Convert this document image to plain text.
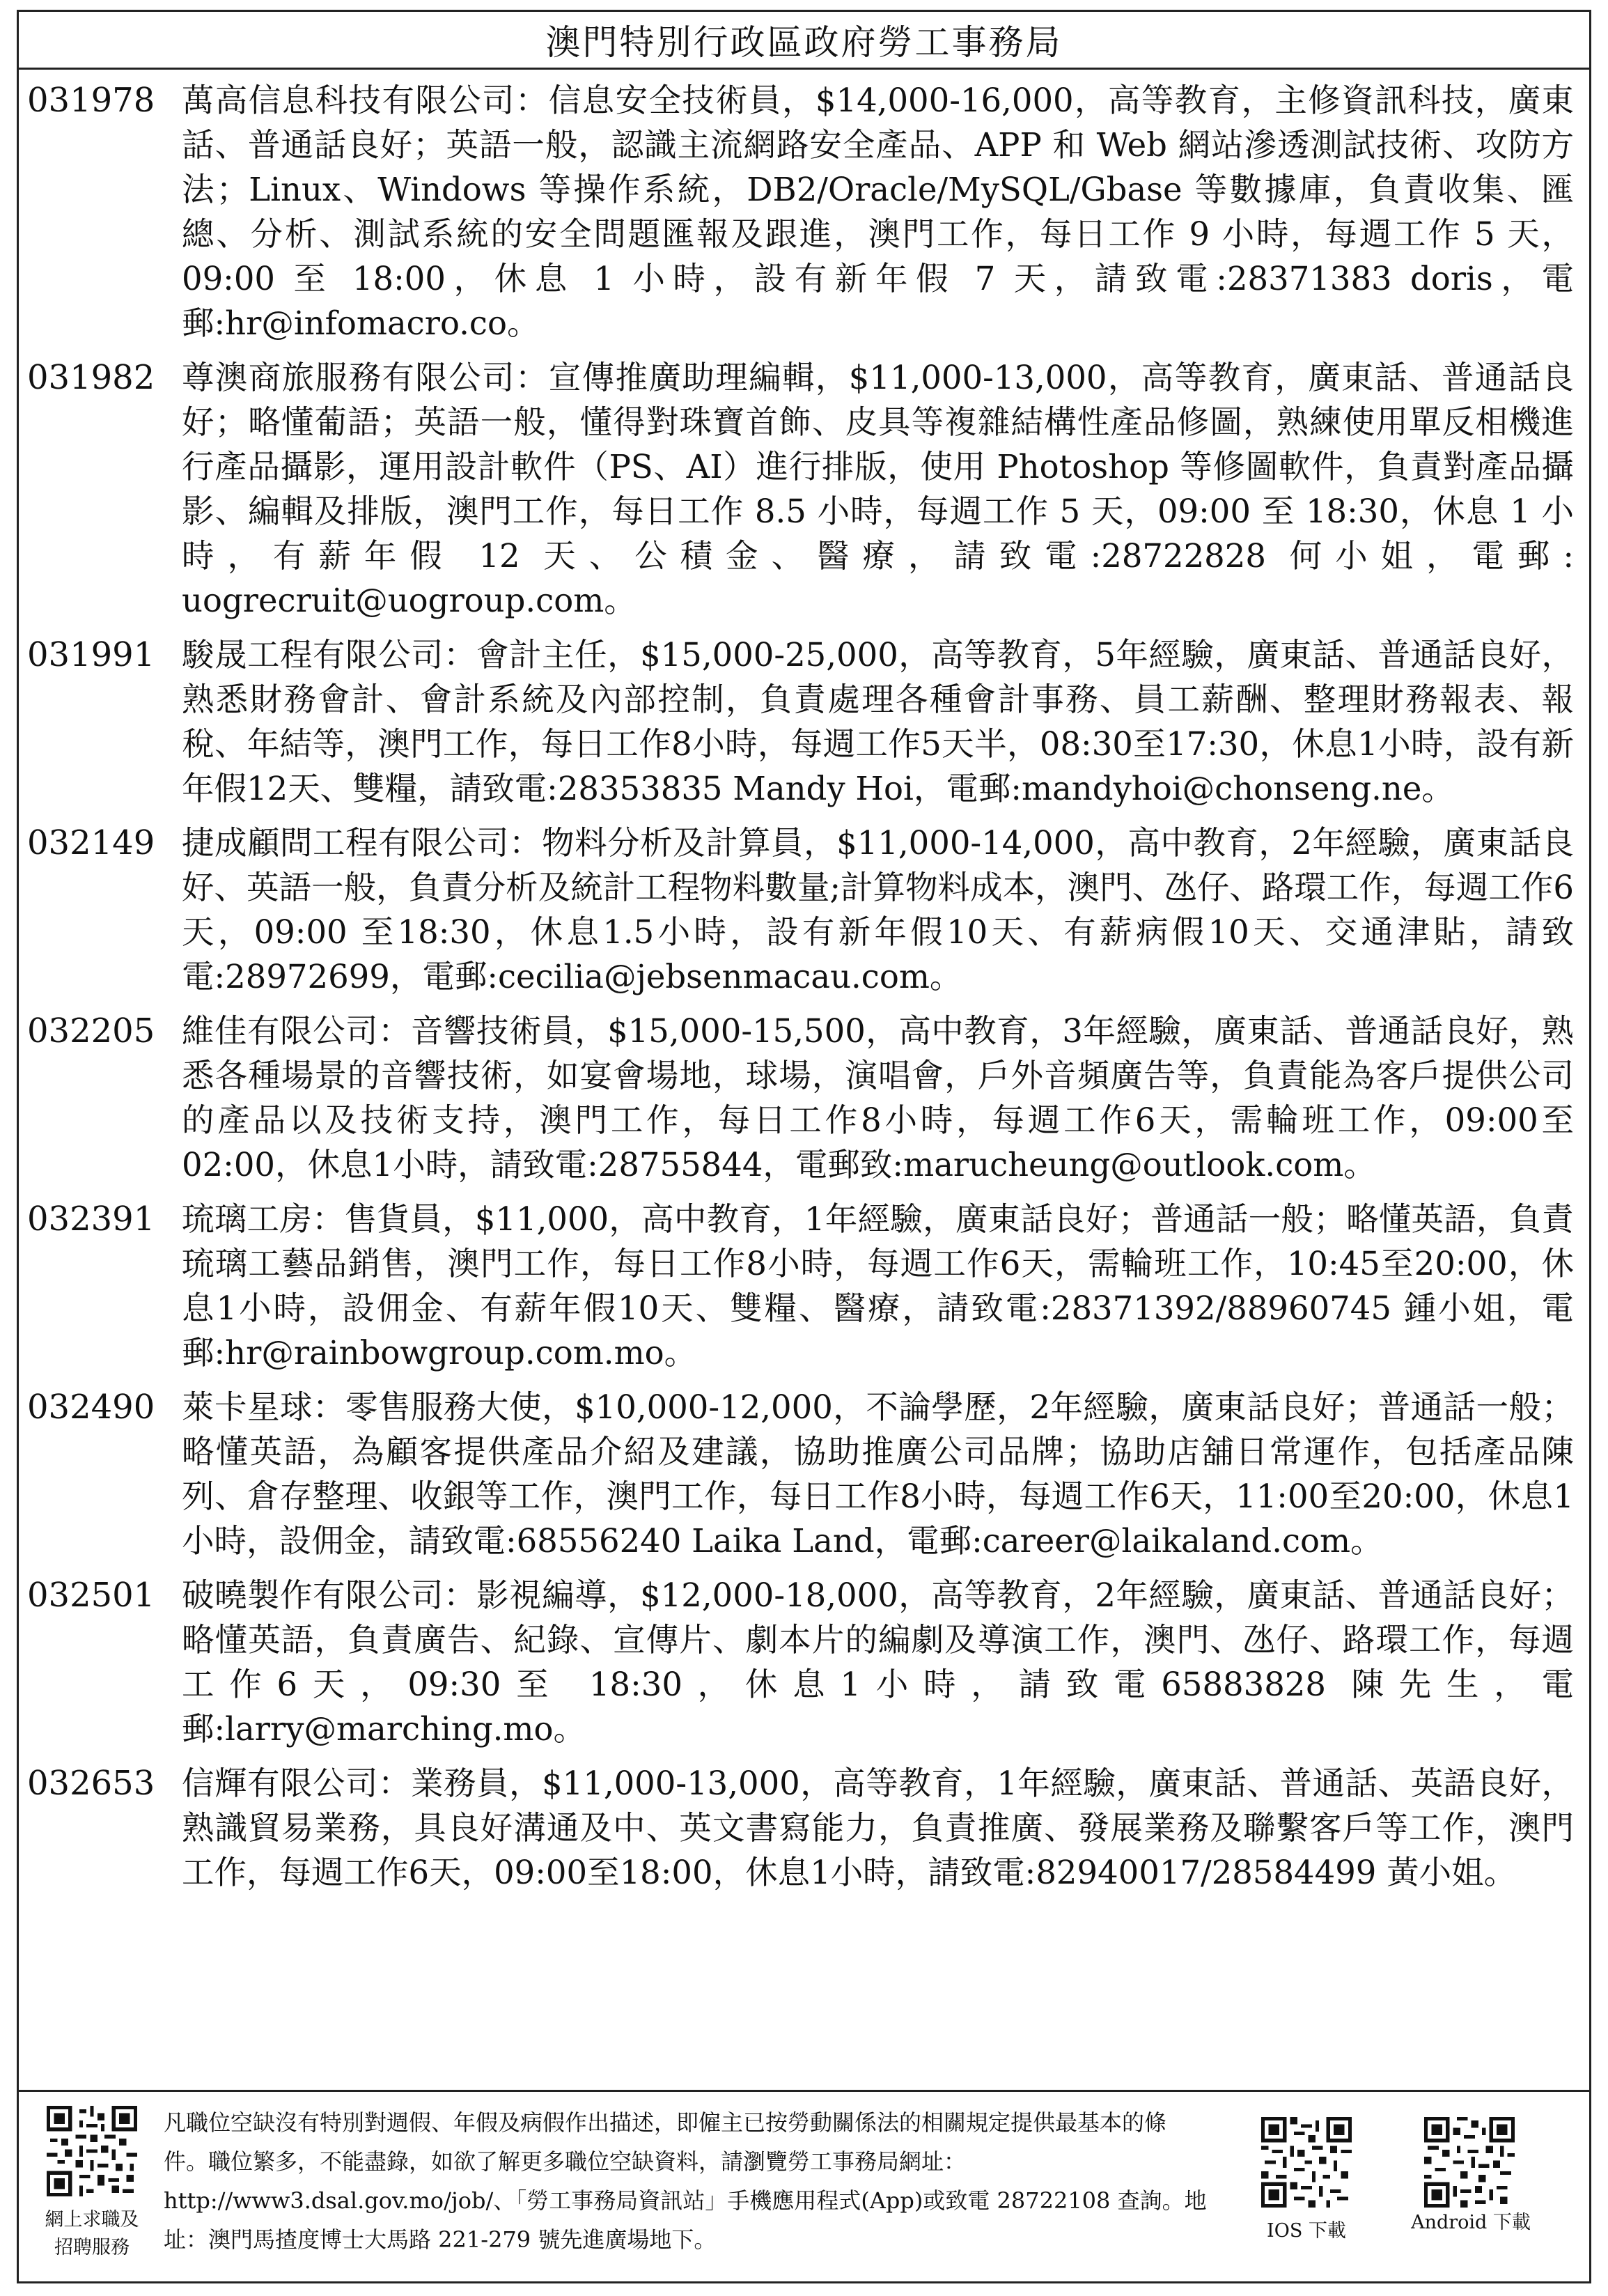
澳門特別行政區政府勞工事務局
031978 萬高信息科技有限公司：信息安全技術員，$14,000-16,000，高等教育，主修資訊科技，廣東話、普通話良好；英語一般，認識主流網路安全產品、APP 和 Web 網站滲透測試技術、攻防方法；Linux、Windows 等操作系統，DB2/Oracle/MySQL/Gbase 等數據庫，負責收集、匯總、分析、測試系統的安全問題匯報及跟進，澳門工作，每日工作 9 小時，每週工作 5 天，09:00 至 18:00，休息 1 小時，設有新年假 7 天，請致電:28371383 doris，電郵:hr@infomacro.co。
031982 尊澳商旅服務有限公司：宣傳推廣助理編輯，$11,000-13,000，高等教育，廣東話、普通話良好；略懂葡語；英語一般，懂得對珠寶首飾、皮具等複雜結構性產品修圖，熟練使用單反相機進行產品攝影，運用設計軟件（PS、AI）進行排版，使用 Photoshop 等修圖軟件，負責對產品攝影、編輯及排版，澳門工作，每日工作 8.5 小時，每週工作 5 天，09:00 至 18:30，休息 1 小時，有薪年假 12 天、公積金、醫療，請致電:28722828 何小姐，電郵: uogrecruit@uogroup.com。
031991 駿晟工程有限公司：會計主任，$15,000-25,000，高等教育，5年經驗，廣東話、普通話良好，熟悉財務會計、會計系統及內部控制，負責處理各種會計事務、員工薪酬、整理財務報表、報稅、年結等，澳門工作，每日工作8小時，每週工作5天半，08:30至17:30，休息1小時，設有新年假12天、雙糧，請致電:28353835 Mandy Hoi，電郵:mandyhoi@chonseng.ne。
032149 捷成顧問工程有限公司：物料分析及計算員，$11,000-14,000，高中教育，2年經驗，廣東話良好、英語一般，負責分析及統計工程物料數量;計算物料成本，澳門、氹仔、路環工作，每週工作6天，09:00 至18:30，休息1.5小時，設有新年假10天、有薪病假10天、交通津貼，請致電:28972699，電郵:cecilia@jebsenmacau.com。
032205 維佳有限公司：音響技術員，$15,000-15,500，高中教育，3年經驗，廣東話、普通話良好，熟悉各種場景的音響技術，如宴會場地，球場，演唱會，戶外音頻廣告等，負責能為客戶提供公司的產品以及技術支持，澳門工作，每日工作8小時，每週工作6天，需輪班工作，09:00至02:00，休息1小時，請致電:28755844，電郵致:marucheung@outlook.com。
032391 琉璃工房：售貨員，$11,000，高中教育，1年經驗，廣東話良好；普通話一般；略懂英語，負責琉璃工藝品銷售，澳門工作，每日工作8小時，每週工作6天，需輪班工作，10:45至20:00，休息1小時，設佣金、有薪年假10天、雙糧、醫療，請致電:28371392/88960745 鍾小姐，電郵:hr@rainbowgroup.com.mo。
032490 萊卡星球：零售服務大使，$10,000-12,000，不論學歷，2年經驗，廣東話良好；普通話一般；略懂英語，為顧客提供產品介紹及建議，協助推廣公司品牌；協助店舖日常運作，包括產品陳列、倉存整理、收銀等工作，澳門工作，每日工作8小時，每週工作6天，11:00至20:00，休息1小時，設佣金，請致電:68556240 Laika Land，電郵:career@laikaland.com。
032501 破曉製作有限公司：影視編導，$12,000-18,000，高等教育，2年經驗，廣東話、普通話良好；略懂英語，負責廣告、紀錄、宣傳片、劇本片的編劇及導演工作，澳門、氹仔、路環工作，每週工作6天，09:30至 18:30，休息1小時，請致電65883828 陳先生，電郵:larry@marching.mo。
032653 信輝有限公司：業務員，$11,000-13,000，高等教育，1年經驗，廣東話、普通話、英語良好，熟識貿易業務，具良好溝通及中、英文書寫能力，負責推廣、發展業務及聯繫客戶等工作，澳門工作，每週工作6天，09:00至18:00，休息1小時，請致電:82940017/28584499 黃小姐。
網上求職及
招聘服務
凡職位空缺沒有特別對週假、年假及病假作出描述，即僱主已按勞動關係法的相關規定提供最基本的條件。職位繁多，不能盡錄，如欲了解更多職位空缺資料，請瀏覽勞工事務局網址：http://www3.dsal.gov.mo/job/、「勞工事務局資訊站」手機應用程式(App)或致電 28722108 查詢。地址：澳門馬揸度博士大馬路 221-279 號先進廣場地下。	IOS 下載	Android 下載
